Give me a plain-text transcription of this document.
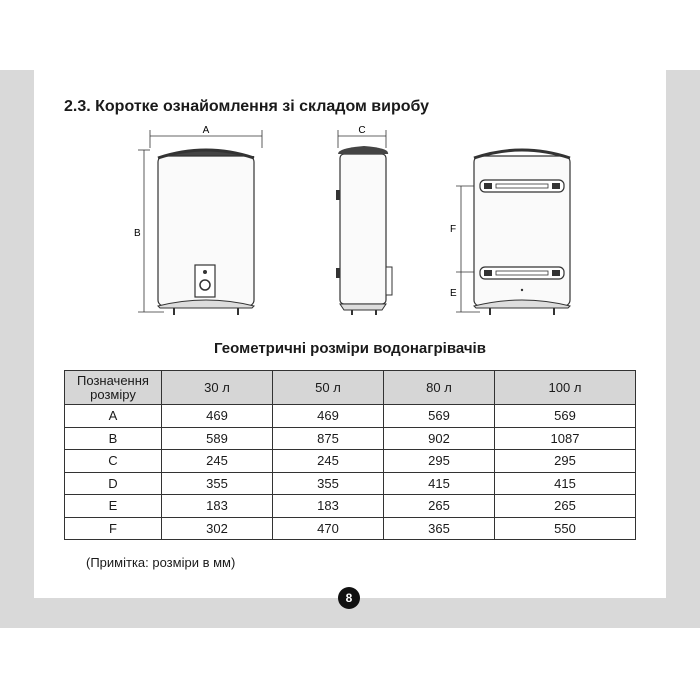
2.3. Коротке ознайомлення зі складом виробу
A
B
C
F
E
Геометричні розміри водонагрівачів
Позначення
розміру	30 л	50 л	80 л	100 л
A	469	469	569	569
B	589	875	902	1087
C	245	245	295	295
D	355	355	415	415
E	183	183	265	265
F	302	470	365	550
(Примітка: розміри в мм)
8
